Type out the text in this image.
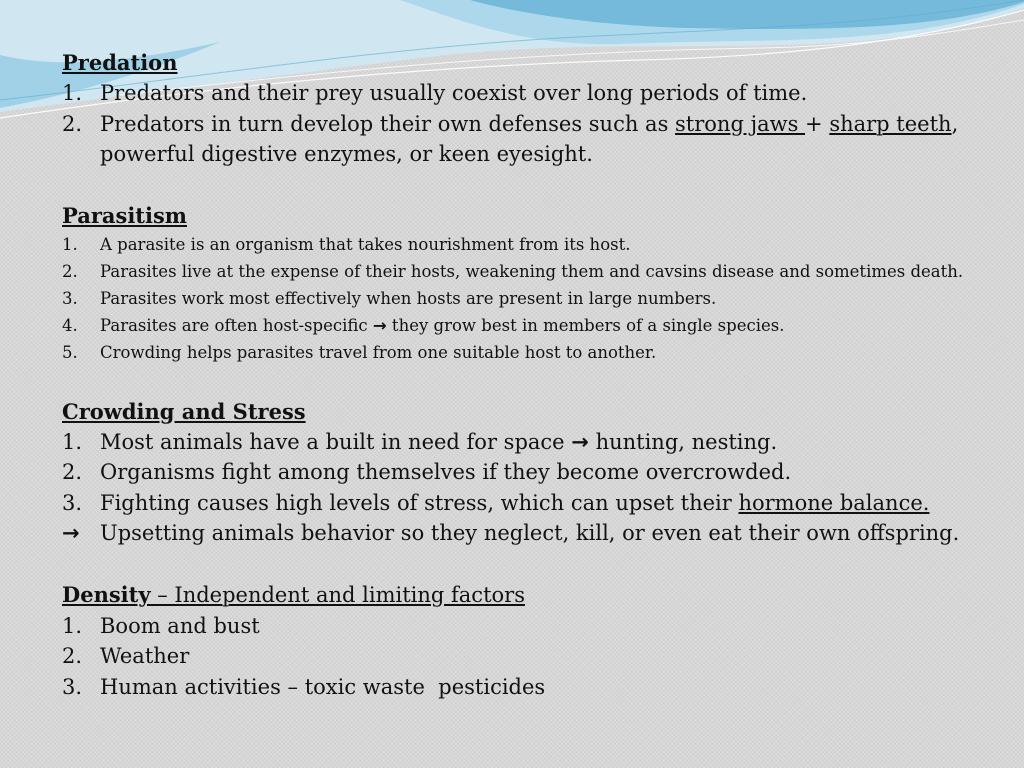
Predation
1. Predators and their prey usually coexist over long periods of time.
2. Predators in turn develop their own defenses such as strong jaws + sharp teeth, powerful digestive enzymes, or keen eyesight.
Parasitism
1. A parasite is an organism that takes nourishment from its host.
2. Parasites live at the expense of their hosts, weakening them and cavsins disease and sometimes death.
3. Parasites work most effectively when hosts are present in large numbers.
4. Parasites are often host-specific → they grow best in members of a single species.
5. Crowding helps parasites travel from one suitable host to another.
Crowding and Stress
1. Most animals have a built in need for space → hunting, nesting.
2. Organisms fight among themselves if they become overcrowded.
3. Fighting causes high levels of stress, which can upset their hormone balance.
→ Upsetting animals behavior so they neglect, kill, or even eat their own offspring.
Density – Independent and limiting factors
1. Boom and bust
2. Weather
3. Human activities – toxic waste  pesticides
